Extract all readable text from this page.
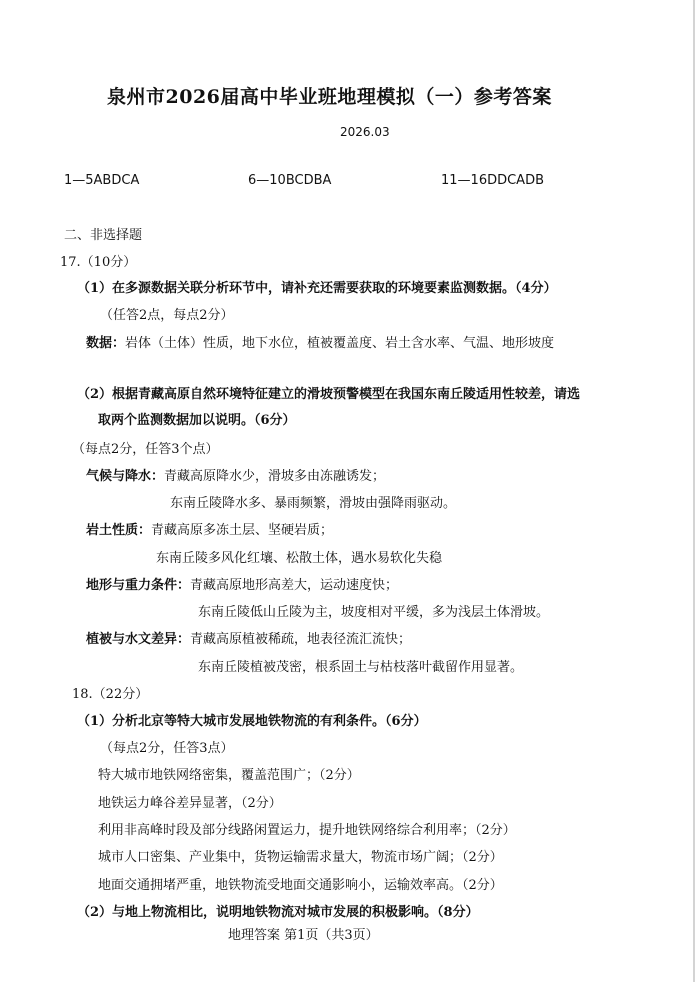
泉州市2026届高中毕业班地理模拟（一）参考答案
2026.03
1—5ABDCA	6—10BCDBA	11—16DDCADB
二、非选择题
17.（10分）
（1）在多源数据关联分析环节中，请补充还需要获取的环境要素监测数据。（4分）
（任答2点，每点2分）
数据：岩体（土体）性质，地下水位，植被覆盖度、岩土含水率、气温、地形坡度
（2）根据青藏高原自然环境特征建立的滑坡预警模型在我国东南丘陵适用性较差，请选
取两个监测数据加以说明。（6分）
（每点2分，任答3个点）
气候与降水：青藏高原降水少，滑坡多由冻融诱发；
东南丘陵降水多、暴雨频繁，滑坡由强降雨驱动。
岩土性质：青藏高原多冻土层、坚硬岩质；
东南丘陵多风化红壤、松散土体，遇水易软化失稳
地形与重力条件：青藏高原地形高差大，运动速度快；
东南丘陵低山丘陵为主，坡度相对平缓，多为浅层土体滑坡。
植被与水文差异：青藏高原植被稀疏，地表径流汇流快；
东南丘陵植被茂密，根系固土与枯枝落叶截留作用显著。
18.（22分）
（1）分析北京等特大城市发展地铁物流的有利条件。（6分）
（每点2分，任答3点）
特大城市地铁网络密集，覆盖范围广；（2分）
地铁运力峰谷差异显著，（2分）
利用非高峰时段及部分线路闲置运力，提升地铁网络综合利用率；（2分）
城市人口密集、产业集中，货物运输需求量大，物流市场广阔；（2分）
地面交通拥堵严重，地铁物流受地面交通影响小，运输效率高。（2分）
（2）与地上物流相比，说明地铁物流对城市发展的积极影响。（8分）
地理答案 第1页（共3页）
